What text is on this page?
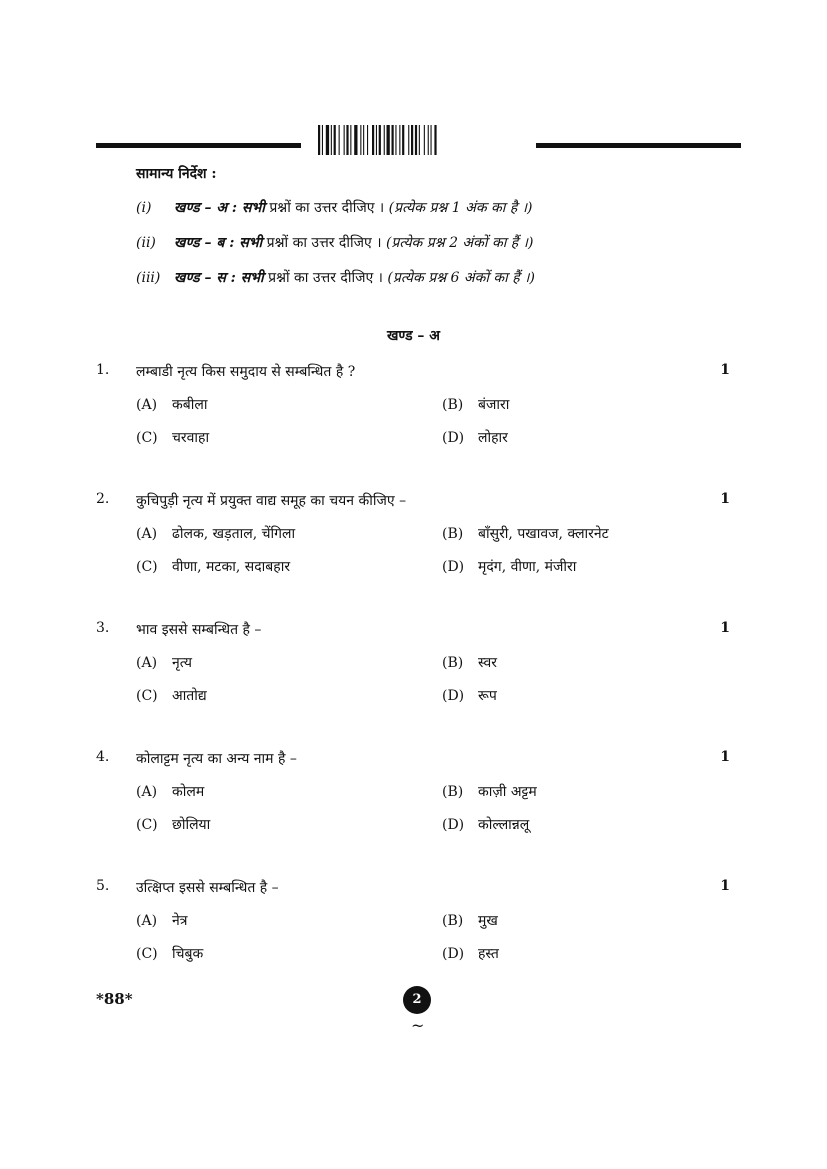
सामान्य निर्देश :
(i) खण्ड – अ : सभी प्रश्नों का उत्तर दीजिए । (प्रत्येक प्रश्न 1 अंक का है ।)
(ii) खण्ड – ब : सभी प्रश्नों का उत्तर दीजिए । (प्रत्येक प्रश्न 2 अंकों का हैं ।)
(iii) खण्ड – स : सभी प्रश्नों का उत्तर दीजिए । (प्रत्येक प्रश्न 6 अंकों का हैं ।)
खण्ड – अ
1. लम्बाडी नृत्य किस समुदाय से सम्बन्धित है ?	1
(A) कबीला	(B) बंजारा
(C) चरवाहा	(D) लोहार
2. कुचिपुड़ी नृत्य में प्रयुक्त वाद्य समूह का चयन कीजिए –	1
(A) ढोलक, खड़ताल, चेंगिला	(B) बाँसुरी, पखावज, क्लारनेट
(C) वीणा, मटका, सदाबहार	(D) मृदंग, वीणा, मंजीरा
3. भाव इससे सम्बन्धित है –	1
(A) नृत्य	(B) स्वर
(C) आतोद्य	(D) रूप
4. कोलाट्टम नृत्य का अन्य नाम है –	1
(A) कोलम	(B) काज़ी अट्टम
(C) छोलिया	(D) कोल्लान्नलू
5. उत्क्षिप्त इससे सम्बन्धित है –	1
(A) नेत्र	(B) मुख
(C) चिबुक	(D) हस्त
*88*	2
~
